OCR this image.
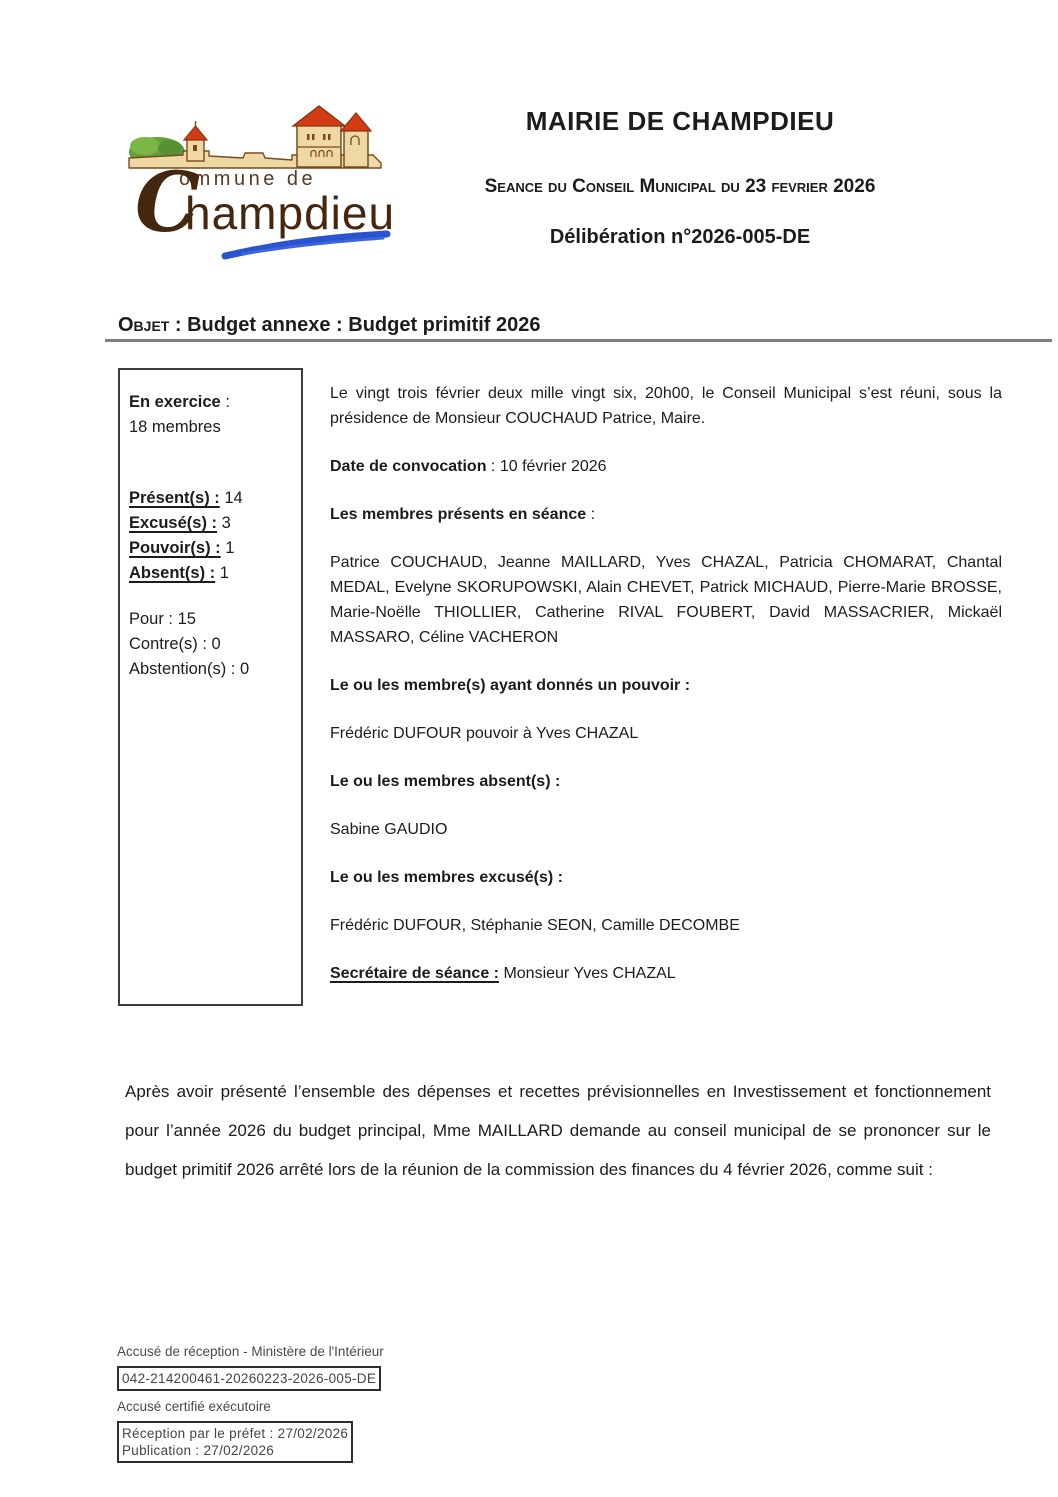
ommune de
C
hampdieu
MAIRIE DE CHAMPDIEU
Seance du Conseil Municipal du 23 fevrier 2026
Délibération n°2026-005-DE
Objet : Budget annexe : Budget primitif 2026
En exercice :
18 membres
Présent(s) : 14
Excusé(s) : 3
Pouvoir(s) : 1
Absent(s) : 1
Pour : 15
Contre(s) : 0
Abstention(s) : 0

Le vingt trois février deux mille vingt six, 20h00, le Conseil Municipal s’est réuni, sous la présidence de Monsieur COUCHAUD Patrice, Maire.

Date de convocation : 10 février 2026

Les membres présents en séance :

Patrice COUCHAUD, Jeanne MAILLARD, Yves CHAZAL, Patricia CHOMARAT, Chantal MEDAL, Evelyne SKORUPOWSKI, Alain CHEVET, Patrick MICHAUD, Pierre-Marie BROSSE, Marie-Noëlle THIOLLIER, Catherine RIVAL FOUBERT, David MASSACRIER, Mickaël MASSARO, Céline VACHERON

Le ou les membre(s) ayant donnés un pouvoir :

Frédéric DUFOUR pouvoir à Yves CHAZAL

Le ou les membres absent(s) :

Sabine GAUDIO

Le ou les membres excusé(s) :

Frédéric DUFOUR, Stéphanie SEON, Camille DECOMBE

Secrétaire de séance : Monsieur Yves CHAZAL

Après avoir présenté l’ensemble des dépenses et recettes prévisionnelles en Investissement et fonctionnement pour l’année 2026 du budget principal, Mme MAILLARD demande au conseil municipal de se prononcer sur le budget primitif 2026 arrêté lors de la réunion de la commission des finances du 4 février 2026, comme suit :
Accusé de réception - Ministère de l'Intérieur
042-214200461-20260223-2026-005-DE
Accusé certifié exécutoire
Réception par le préfet : 27/02/2026
Publication : 27/02/2026
